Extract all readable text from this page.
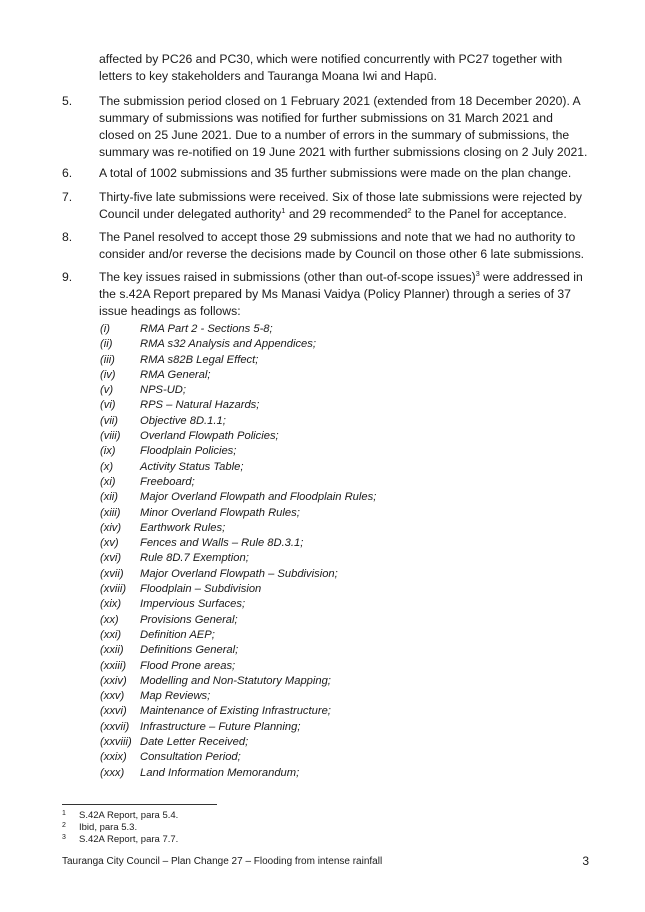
affected by PC26 and PC30, which were notified concurrently with PC27 together with letters to key stakeholders and Tauranga Moana Iwi and Hapū.

5.	The submission period closed on 1 February 2021 (extended from 18 December 2020). A summary of submissions was notified for further submissions on 31 March 2021 and closed on 25 June 2021. Due to a number of errors in the summary of submissions, the summary was re-notified on 19 June 2021 with further submissions closing on 2 July 2021.

6.	A total of 1002 submissions and 35 further submissions were made on the plan change.

7.	Thirty-five late submissions were received. Six of those late submissions were rejected by Council under delegated authority$^1$ and 29 recommended$^2$ to the Panel for acceptance.

8.	The Panel resolved to accept those 29 submissions and note that we had no authority to consider and/or reverse the decisions made by Council on those other 6 late submissions.

9.	The key issues raised in submissions (other than out-of-scope issues)$^3$ were addressed in the s.42A Report prepared by Ms Manasi Vaidya (Policy Planner) through a series of 37 issue headings as follows:

(i)	RMA Part 2 - Sections 5-8;
(ii) RMA s32 Analysis and Appendices;
(iii) RMA s82B Legal Effect;
(iv) RMA General;
(v) NPS-UD;
(vi) RPS – Natural Hazards;
(vii) Objective 8D.1.1;
(viii) Overland Flowpath Policies;
(ix) Floodplain Policies;
(x) Activity Status Table;
(xi) Freeboard;
(xii) Major Overland Flowpath and Floodplain Rules;
(xiii) Minor Overland Flowpath Rules;
(xiv) Earthwork Rules;
(xv) Fences and Walls – Rule 8D.3.1;
(xvi) Rule 8D.7 Exemption;
(xvii) Major Overland Flowpath – Subdivision;
(xviii) Floodplain – Subdivision
(xix) Impervious Surfaces;
(xx) Provisions General;
(xxi) Definition AEP;
(xxii) Definitions General;
(xxiii) Flood Prone areas;
(xxiv) Modelling and Non-Statutory Mapping;
(xxv) Map Reviews;
(xxvi) Maintenance of Existing Infrastructure;
(xxvii) Infrastructure – Future Planning;
(xxviii) Date Letter Received;
(xxix) Consultation Period;
(xxx) Land Information Memorandum;
1 S.42A Report, para 5.4.
2 Ibid, para 5.3.
3 S.42A Report, para 7.7.
Tauranga City Council – Plan Change 27 – Flooding from intense rainfall	3
